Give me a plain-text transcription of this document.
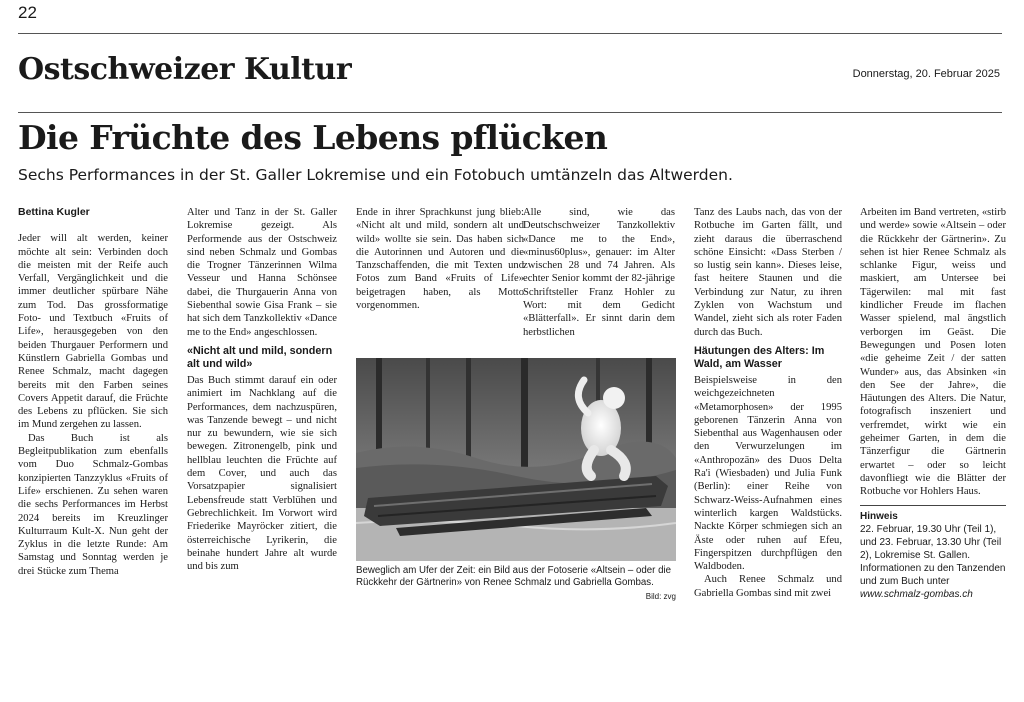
22
Ostschweizer Kultur	Donnerstag, 20. Februar 2025
Die Früchte des Lebens pflücken
Sechs Performances in der St. Galler Lokremise und ein Fotobuch umtänzeln das Altwerden.

Bettina Kugler

Jeder will alt werden, keiner möchte alt sein: Verbinden doch die meisten mit der Reife auch Verfall, Vergänglichkeit und die immer deutlicher spürbare Nähe zum Tod. Das grossformatige Foto- und Textbuch «Fruits of Life», herausgegeben von den beiden Thurgauer Performern und Künstlern Gabriella Gombas und Renee Schmalz, macht dagegen bereits mit den Farben seines Covers Appetit darauf, die Früchte des Lebens zu pflücken. Sie sich im Mund zergehen zu lassen.

Das Buch ist als Begleitpublikation zum ebenfalls vom Duo Schmalz-Gombas konzipierten Tanzzyklus «Fruits of Life» erschienen. Zu sehen waren die sechs Performances im Herbst 2024 bereits im Kreuzlinger Kulturraum Kult-X. Nun geht der Zyklus in die letzte Runde: Am Samstag und Sonntag werden je drei Stücke zum Thema

Alter und Tanz in der St. Galler Lokremise gezeigt. Als Performende aus der Ostschweiz sind neben Schmalz und Gombas die Trogner Tänzerinnen Wilma Vesseur und Hanna Schönsee dabei, die Thurgauerin Anna von Siebenthal sowie Gisa Frank – sie hat sich dem Tanzkollektiv «Dance me to the End» angeschlossen.

«Nicht alt und mild, sondern alt und wild»

Das Buch stimmt darauf ein oder animiert im Nachklang auf die Performances, dem nachzuspüren, was Tanzende bewegt – und nicht nur zu bewundern, wie sie sich bewegen. Zitronengelb, pink und hellblau leuchten die Früchte auf dem Cover, und auch das Vorsatzpapier signalisiert Lebensfreude statt Verblühen und Gebrechlichkeit. Im Vorwort wird Friederike Mayröcker zitiert, die österreichische Lyrikerin, die beinahe hundert Jahre alt wurde und bis zum

Ende in ihrer Sprachkunst jung blieb: «Nicht alt und mild, sondern alt und wild» wollte sie sein. Das haben sich die Autorinnen und Autoren und die Tanzschaffenden, die mit Texten und Fotos zum Band «Fruits of Life» beigetragen haben, als Motto vorgenommen.

Alle sind, wie das Deutschschweizer Tanzkollektiv «Dance me to the End», «minus60plus», genauer: im Alter zwischen 28 und 74 Jahren. Als echter Senior kommt der 82-jährige Schriftsteller Franz Hohler zu Wort: mit dem Gedicht «Blätterfall». Er sinnt darin dem herbstlichen

Beweglich am Ufer der Zeit: ein Bild aus der Fotoserie «Altsein – oder die Rückkehr der Gärtnerin» von Renee Schmalz und Gabriella Gombas.
Bild: zvg

Tanz des Laubs nach, das von der Rotbuche im Garten fällt, und zieht daraus die überraschend schöne Einsicht: «Dass Sterben / so lustig sein kann». Dieses leise, fast heitere Staunen und die Verbindung zur Natur, zu ihren Zyklen von Wachstum und Wandel, zieht sich als roter Faden durch das Buch.

Häutungen des Alters: Im Wald, am Wasser

Beispielsweise in den weichgezeichneten «Metamorphosen» der 1995 geborenen Tänzerin Anna von Siebenthal aus Wagenhausen oder den Verwurzelungen im «Anthropozän» des Duos Delta Ra'i (Wiesbaden) und Julia Funk (Berlin): einer Reihe von Schwarz-Weiss-Aufnahmen eines winterlich kargen Waldstücks. Nackte Körper schmiegen sich an Äste oder ruhen auf Efeu, Fingerspitzen durchpflügen den Waldboden.

Auch Renee Schmalz und Gabriella Gombas sind mit zwei

Arbeiten im Band vertreten, «stirb und werde» sowie «Altsein – oder die Rückkehr der Gärtnerin». Zu sehen ist hier Renee Schmalz als schlanke Figur, weiss und maskiert, am Untersee bei Tägerwilen: mal mit fast kindlicher Freude im flachen Wasser spielend, mal ängstlich verborgen im Geäst. Die Bewegungen und Posen loten «die geheime Zeit / der satten Wunder» aus, das Absinken «in den See der Jahre», die Häutungen des Alters. Die Natur, fotografisch inszeniert und verfremdet, wirkt wie ein geheimer Garten, in dem die Tänzerfigur die Gärtnerin erwartet – oder so leicht davonfliegt wie die Blätter der Rotbuche vor Hohlers Haus.

Hinweis

22. Februar, 19.30 Uhr (Teil 1), und 23. Februar, 13.30 Uhr (Teil 2), Lokremise St. Gallen. Informationen zu den Tanzenden und zum Buch unter

www.schmalz-gombas.ch
